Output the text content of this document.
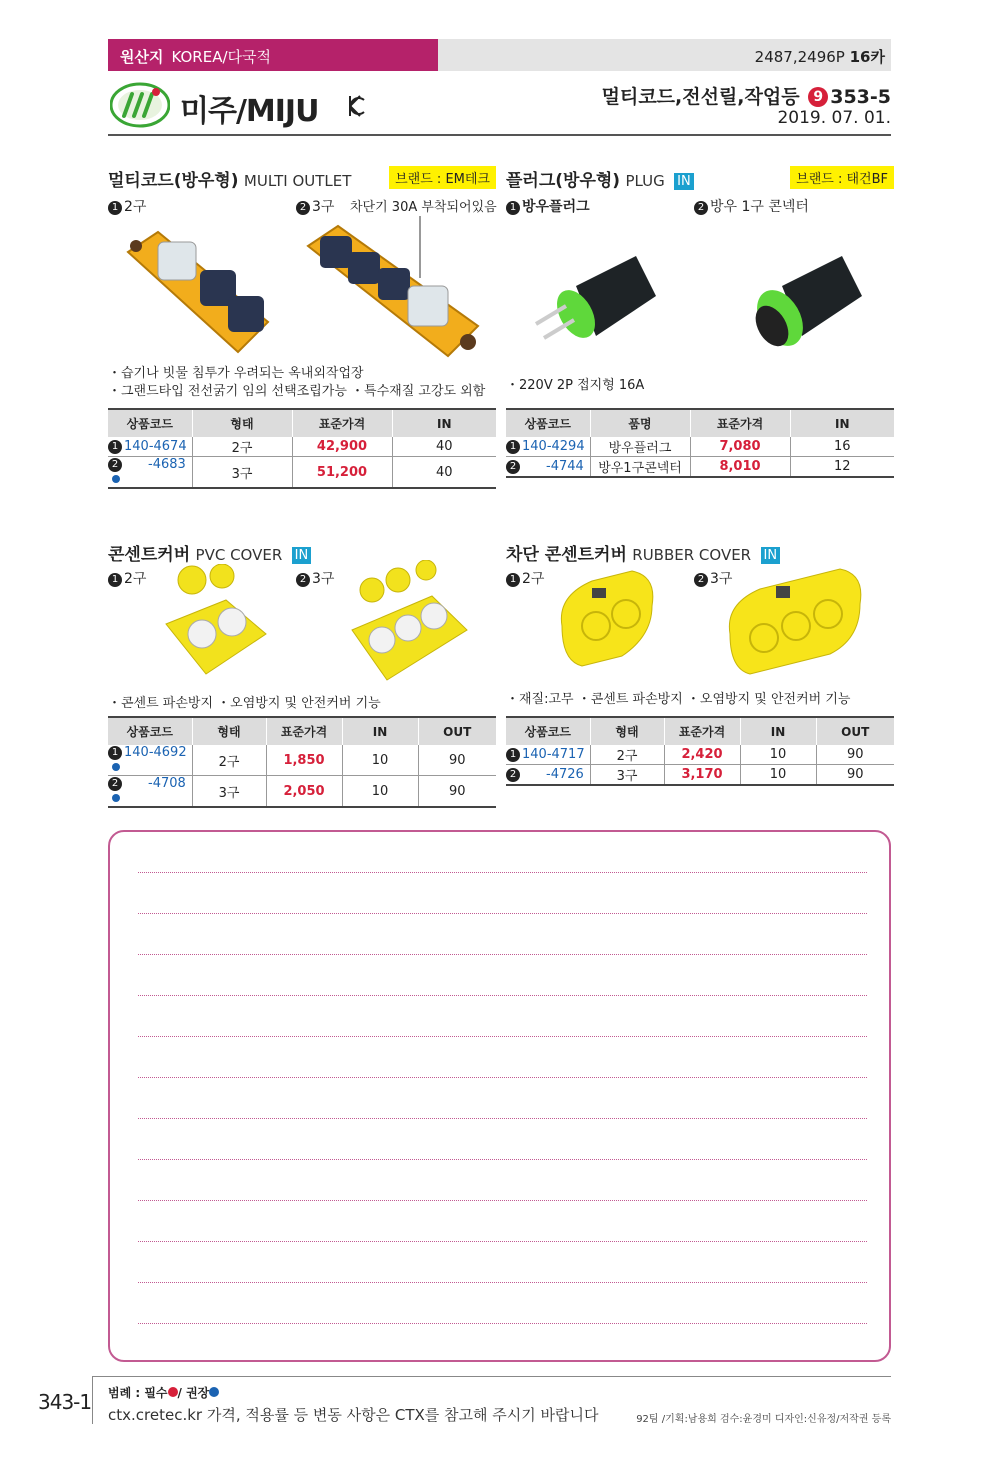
원산지 KOREA/다국적	2487,2496P 16카
미주/MIJU	멀티코드,전선릴,작업등 9 353-5
2019. 07. 01.
멀티코드(방우형) MULTI OUTLET	브랜드 : EM테크
1 2구	2 3구 차단기 30A 부착되어있음
・습기나 빗물 침투가 우려되는 옥내외작업장
・그랜드타입 전선굵기 임의 선택조립가능 ・특수재질 고강도 외함
상품코드	형태	표준가격	IN
1 140-4674	2구	42,900	40
2 -4683	3구	51,200	40
플러그(방우형) PLUG IN	브랜드 : 태건BF
1 방우플러그	2 방우 1구 콘넥터
・220V 2P 접지형 16A
상품코드	품명	표준가격	IN
1 140-4294	방우플러그	7,080	16
2 -4744	방우1구콘넥터	8,010	12
콘센트커버 PVC COVER IN
1 2구	2 3구
・콘센트 파손방지 ・오염방지 및 안전커버 기능
상품코드	형태	표준가격	IN	OUT
1 140-4692	2구	1,850	10	90
2 -4708	3구	2,050	10	90
차단 콘센트커버 RUBBER COVER IN
1 2구	2 3구
・재질:고무 ・콘센트 파손방지 ・오염방지 및 안전커버 기능
상품코드	형태	표준가격	IN	OUT
1 140-4717	2구	2,420	10	90
2 -4726	3구	3,170	10	90
343-1 범례 : 필수 / 권장
ctx.cretec.kr 가격, 적용률 등 변동 사항은 CTX를 참고해 주시기 바랍니다	92팀 /기획:남용희 검수:윤경미 디자인:신유정/저작권 등록
